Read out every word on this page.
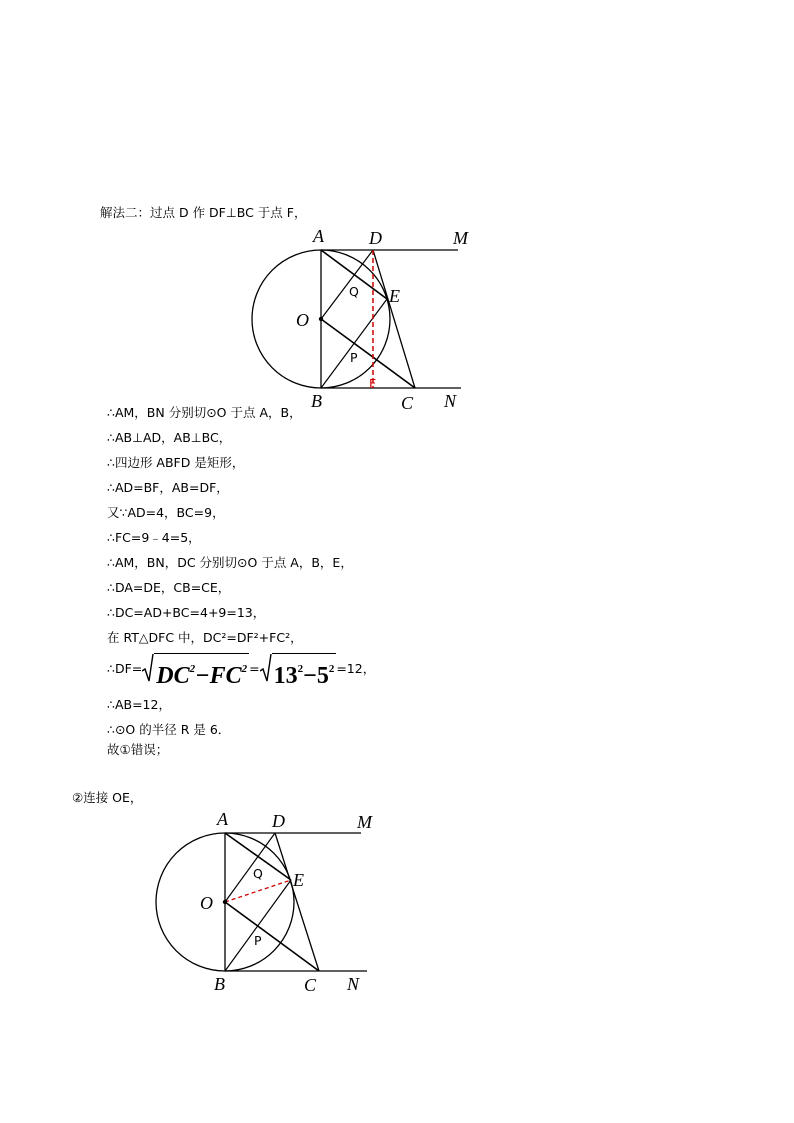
解法二：过点 D 作 DF⊥BC 于点 F，
A	D	M
O
E
Q
P
F
B	C N
∴AM，BN 分别切⊙O 于点 A，B，
∴AB⊥AD，AB⊥BC，
∴四边形 ABFD 是矩形，
∴AD=BF，AB=DF，
又∵AD=4，BC=9，
∴FC=9﹣4=5，
∴AM，BN，DC 分别切⊙O 于点 A，B，E，
∴DA=DE，CB=CE，
∴DC=AD+BC=4+9=13，
在 RT△DFC 中，DC²=DF²+FC²，
∴DF= $DC^2-FC^2 = 13^2-5^2 =12$，
∴AB=12，
∴⊙O 的半径 R 是 6．
故①错误；
②连接 OE，
A D	M
O
E
Q
P
B	C N
